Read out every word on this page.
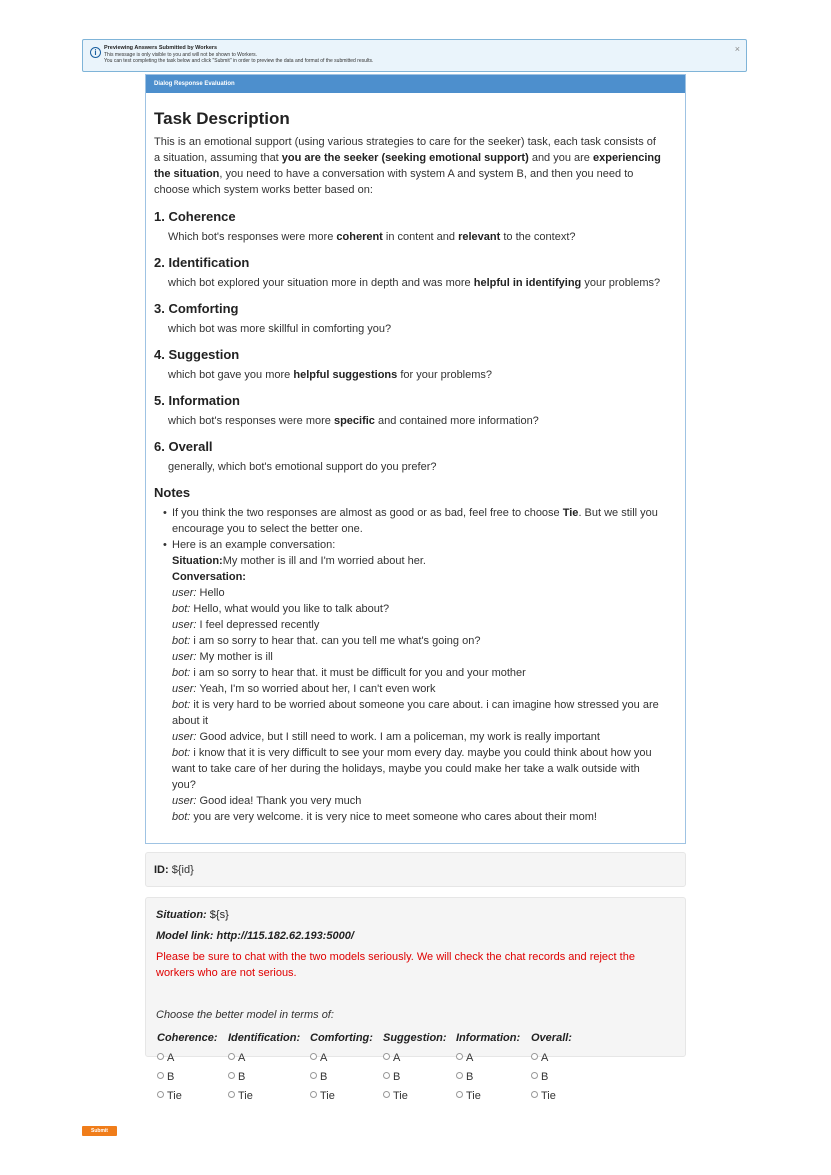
i	Previewing Answers Submitted by Workers
This message is only visible to you and will not be shown to Workers.
You can test completing the task below and click "Submit" in order to preview the data and format of the submitted results.
×
Dialog Response Evaluation
Task Description
This is an emotional support (using various strategies to care for the seeker) task, each task consists of
a situation, assuming that you are the seeker (seeking emotional support) and you are experiencing
the situation, you need to have a conversation with system A and system B, and then you need to
choose which system works better based on:
1. Coherence
Which bot's responses were more coherent in content and relevant to the context?
2. Identification
which bot explored your situation more in depth and was more helpful in identifying your problems?
3. Comforting
which bot was more skillful in comforting you?
4. Suggestion
which bot gave you more helpful suggestions for your problems?
5. Information
which bot's responses were more specific and contained more information?
6. Overall
generally, which bot's emotional support do you prefer?
Notes
• If you think the two responses are almost as good or as bad, feel free to choose Tie. But we still you
encourage you to select the better one.
• Here is an example conversation:
Situation:My mother is ill and I'm worried about her.
Conversation:
user: Hello
bot: Hello, what would you like to talk about?
user: I feel depressed recently
bot: i am so sorry to hear that. can you tell me what's going on?
user: My mother is ill
bot: i am so sorry to hear that. it must be difficult for you and your mother
user: Yeah, I'm so worried about her, I can't even work
bot: it is very hard to be worried about someone you care about. i can imagine how stressed you are
about it
user: Good advice, but I still need to work. I am a policeman, my work is really important
bot: i know that it is very difficult to see your mom every day. maybe you could think about how you
want to take care of her during the holidays, maybe you could make her take a walk outside with
you?
user: Good idea! Thank you very much
bot: you are very welcome. it is very nice to meet someone who cares about their mom!
ID: ${id}
Situation: ${s}
Model link: http://115.182.62.193:5000/
Please be sure to chat with the two models seriously. We will check the chat records and reject the
workers who are not serious.
Choose the better model in terms of:
Coherence: Identification: Comforting: Suggestion: Information: Overall:
A
B
Tie
A
B
Tie
A
B
Tie
A
B
Tie
A
B
Tie
A
B
Tie
Submit
